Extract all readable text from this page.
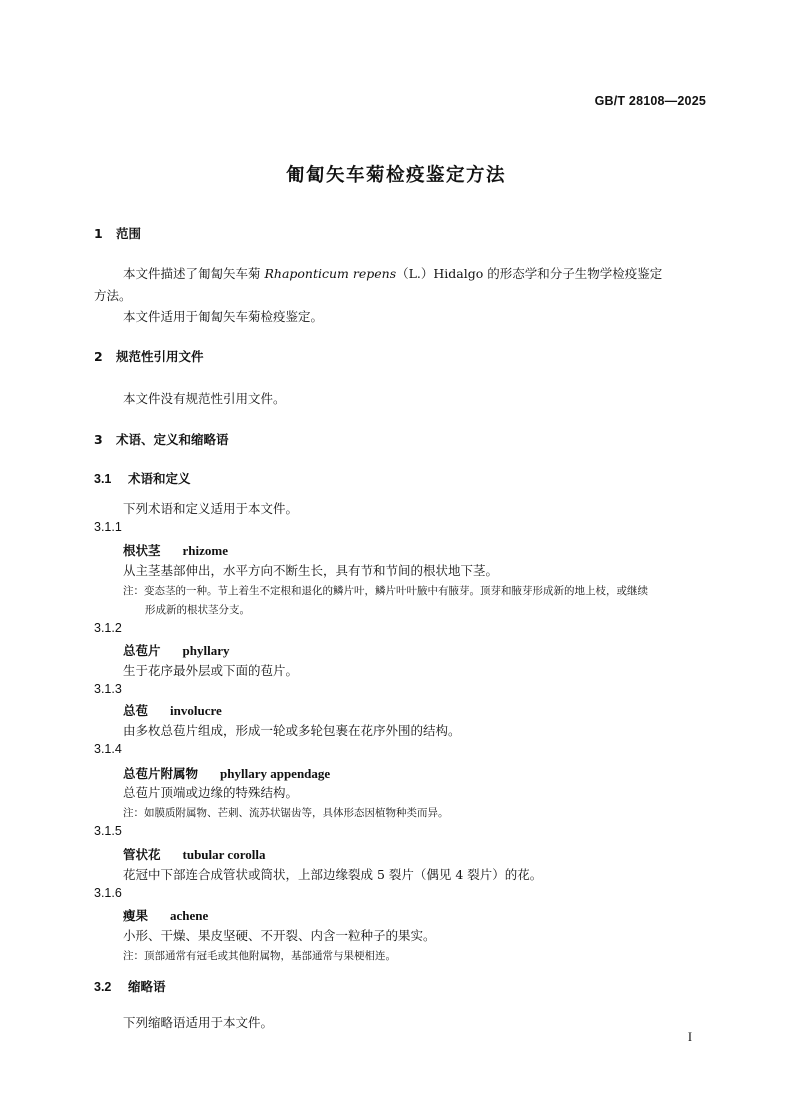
GB/T 28108—2025
匍匐矢车菊检疫鉴定方法
1 范围
本文件描述了匍匐矢车菊 Rhaponticum repens（L.）Hidalgo 的形态学和分子生物学检疫鉴定
方法。
本文件适用于匍匐矢车菊检疫鉴定。
2 规范性引用文件
本文件没有规范性引用文件。
3 术语、定义和缩略语
3.1 术语和定义
下列术语和定义适用于本文件。
3.1.1
根状茎 rhizome
从主茎基部伸出，水平方向不断生长，具有节和节间的根状地下茎。
注：变态茎的一种。节上着生不定根和退化的鳞片叶，鳞片叶叶腋中有腋芽。顶芽和腋芽形成新的地上枝，或继续
形成新的根状茎分支。
3.1.2
总苞片 phyllary
生于花序最外层或下面的苞片。
3.1.3
总苞 involucre
由多枚总苞片组成，形成一轮或多轮包裹在花序外围的结构。
3.1.4
总苞片附属物 phyllary appendage
总苞片顶端或边缘的特殊结构。
注：如膜质附属物、芒刺、流苏状锯齿等，具体形态因植物种类而异。
3.1.5
管状花 tubular corolla
花冠中下部连合成管状或筒状，上部边缘裂成 5 裂片（偶见 4 裂片）的花。
3.1.6
瘦果 achene
小形、干燥、果皮坚硬、不开裂、内含一粒种子的果实。
注：顶部通常有冠毛或其他附属物，基部通常与果梗相连。
3.2 缩略语
下列缩略语适用于本文件。
I
